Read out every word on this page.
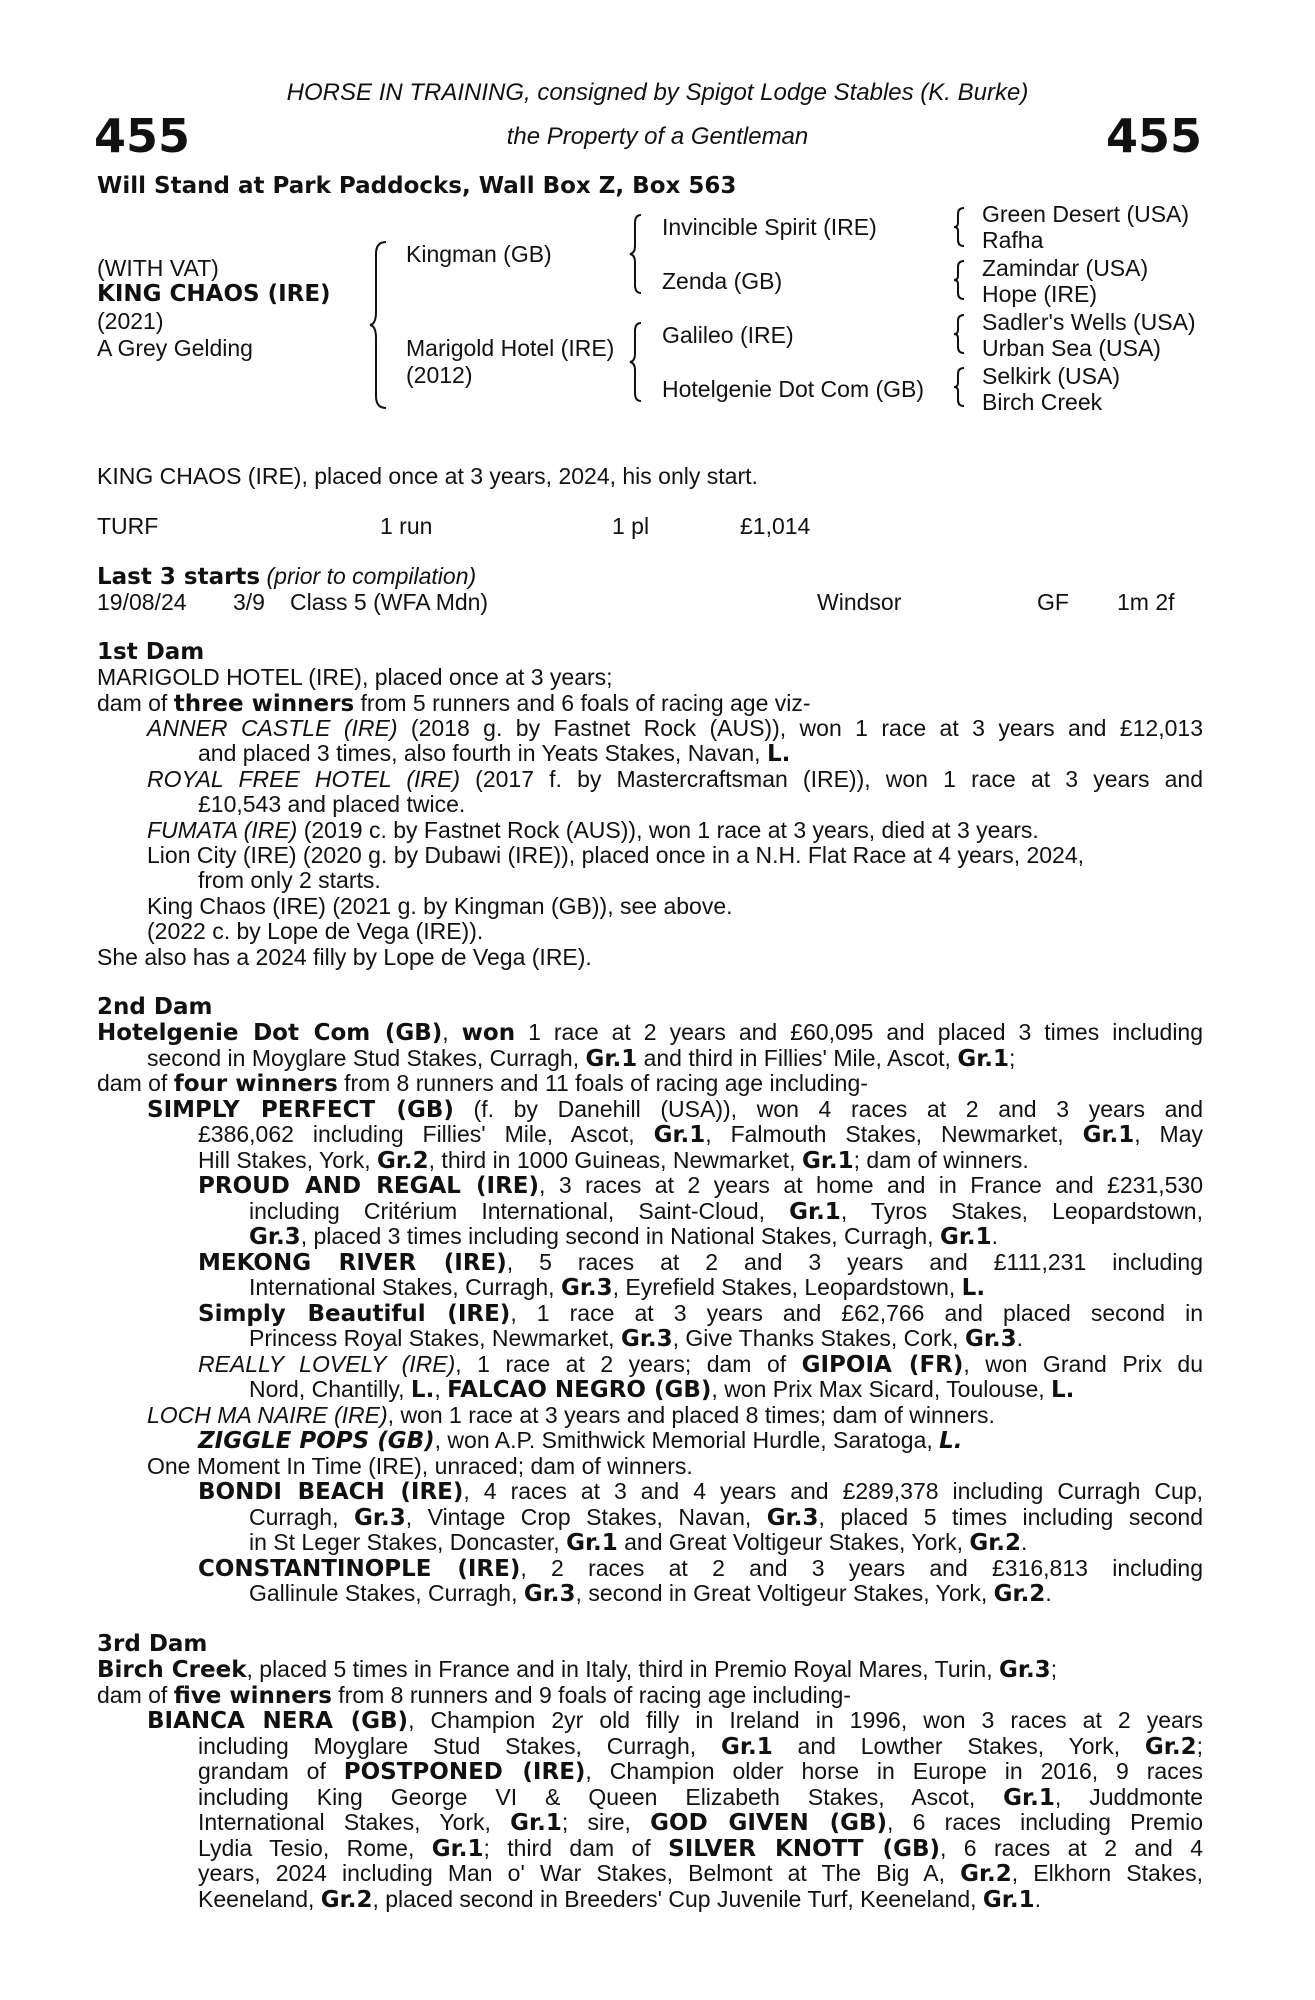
HORSE IN TRAINING, consigned by Spigot Lodge Stables (K. Burke)
455	the Property of a Gentleman	455
Will Stand at Park Paddocks, Wall Box Z, Box 563
(WITH VAT)
KING CHAOS (IRE)
(2021)
A Grey Gelding
Kingman (GB)
Marigold Hotel (IRE)
(2012)
Invincible Spirit (IRE)
Zenda (GB)
Galileo (IRE)
Hotelgenie Dot Com (GB)
Green Desert (USA)
Rafha
Zamindar (USA)
Hope (IRE)
Sadler's Wells (USA)
Urban Sea (USA)
Selkirk (USA)
Birch Creek
KING CHAOS (IRE), placed once at 3 years, 2024, his only start.
TURF	1 run	1 pl	£1,014
Last 3 starts (prior to compilation)
19/08/24 3/9 Class 5 (WFA Mdn)	Windsor	GF 1m 2f
1st Dam
MARIGOLD HOTEL (IRE), placed once at 3 years;
dam of three winners from 5 runners and 6 foals of racing age viz-
ANNER CASTLE (IRE) (2018 g. by Fastnet Rock (AUS)), won 1 race at 3 years and £12,013
and placed 3 times, also fourth in Yeats Stakes, Navan, L.
ROYAL FREE HOTEL (IRE) (2017 f. by Mastercraftsman (IRE)), won 1 race at 3 years and
£10,543 and placed twice.
FUMATA (IRE) (2019 c. by Fastnet Rock (AUS)), won 1 race at 3 years, died at 3 years.
Lion City (IRE) (2020 g. by Dubawi (IRE)), placed once in a N.H. Flat Race at 4 years, 2024,
from only 2 starts.
King Chaos (IRE) (2021 g. by Kingman (GB)), see above.
(2022 c. by Lope de Vega (IRE)).
She also has a 2024 filly by Lope de Vega (IRE).
2nd Dam
Hotelgenie Dot Com (GB), won 1 race at 2 years and £60,095 and placed 3 times including
second in Moyglare Stud Stakes, Curragh, Gr.1 and third in Fillies' Mile, Ascot, Gr.1;
dam of four winners from 8 runners and 11 foals of racing age including-
SIMPLY PERFECT (GB) (f. by Danehill (USA)), won 4 races at 2 and 3 years and
£386,062 including Fillies' Mile, Ascot, Gr.1, Falmouth Stakes, Newmarket, Gr.1, May
Hill Stakes, York, Gr.2, third in 1000 Guineas, Newmarket, Gr.1; dam of winners.
PROUD AND REGAL (IRE), 3 races at 2 years at home and in France and £231,530
including Critérium International, Saint-Cloud, Gr.1, Tyros Stakes, Leopardstown,
Gr.3, placed 3 times including second in National Stakes, Curragh, Gr.1.
MEKONG RIVER (IRE), 5 races at 2 and 3 years and £111,231 including
International Stakes, Curragh, Gr.3, Eyrefield Stakes, Leopardstown, L.
Simply Beautiful (IRE), 1 race at 3 years and £62,766 and placed second in
Princess Royal Stakes, Newmarket, Gr.3, Give Thanks Stakes, Cork, Gr.3.
REALLY LOVELY (IRE), 1 race at 2 years; dam of GIPOIA (FR), won Grand Prix du
Nord, Chantilly, L., FALCAO NEGRO (GB), won Prix Max Sicard, Toulouse, L.
LOCH MA NAIRE (IRE), won 1 race at 3 years and placed 8 times; dam of winners.
ZIGGLE POPS (GB), won A.P. Smithwick Memorial Hurdle, Saratoga, L.
One Moment In Time (IRE), unraced; dam of winners.
BONDI BEACH (IRE), 4 races at 3 and 4 years and £289,378 including Curragh Cup,
Curragh, Gr.3, Vintage Crop Stakes, Navan, Gr.3, placed 5 times including second
in St Leger Stakes, Doncaster, Gr.1 and Great Voltigeur Stakes, York, Gr.2.
CONSTANTINOPLE (IRE), 2 races at 2 and 3 years and £316,813 including
Gallinule Stakes, Curragh, Gr.3, second in Great Voltigeur Stakes, York, Gr.2.
3rd Dam
Birch Creek, placed 5 times in France and in Italy, third in Premio Royal Mares, Turin, Gr.3;
dam of five winners from 8 runners and 9 foals of racing age including-
BIANCA NERA (GB), Champion 2yr old filly in Ireland in 1996, won 3 races at 2 years
including Moyglare Stud Stakes, Curragh, Gr.1 and Lowther Stakes, York, Gr.2;
grandam of POSTPONED (IRE), Champion older horse in Europe in 2016, 9 races
including King George VI & Queen Elizabeth Stakes, Ascot, Gr.1, Juddmonte
International Stakes, York, Gr.1; sire, GOD GIVEN (GB), 6 races including Premio
Lydia Tesio, Rome, Gr.1; third dam of SILVER KNOTT (GB), 6 races at 2 and 4
years, 2024 including Man o' War Stakes, Belmont at The Big A, Gr.2, Elkhorn Stakes,
Keeneland, Gr.2, placed second in Breeders' Cup Juvenile Turf, Keeneland, Gr.1.
